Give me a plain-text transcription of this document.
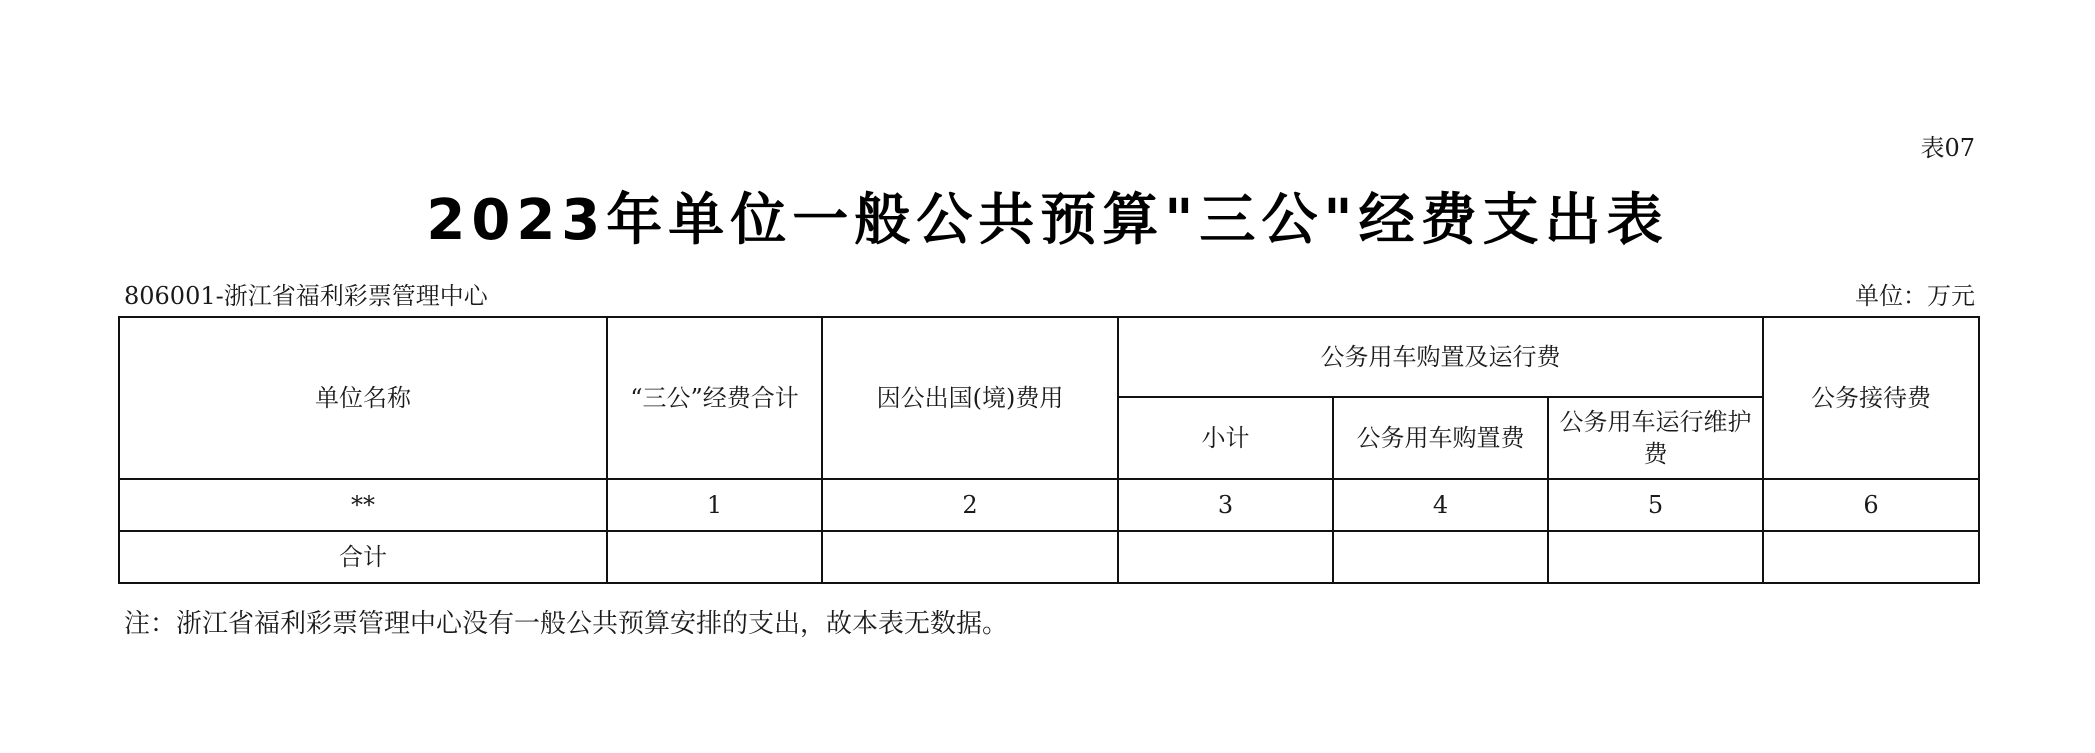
表07
2023年单位一般公共预算"三公"经费支出表
806001-浙江省福利彩票管理中心	单位：万元
单位名称	“三公”经费合计	因公出国(境)费用	公务用车购置及运行费			公务接待费
			小计	公务用车购置费	公务用车运行维护费	
**	1	2	3	4	5	6
合计						
注：浙江省福利彩票管理中心没有一般公共预算安排的支出，故本表无数据。
